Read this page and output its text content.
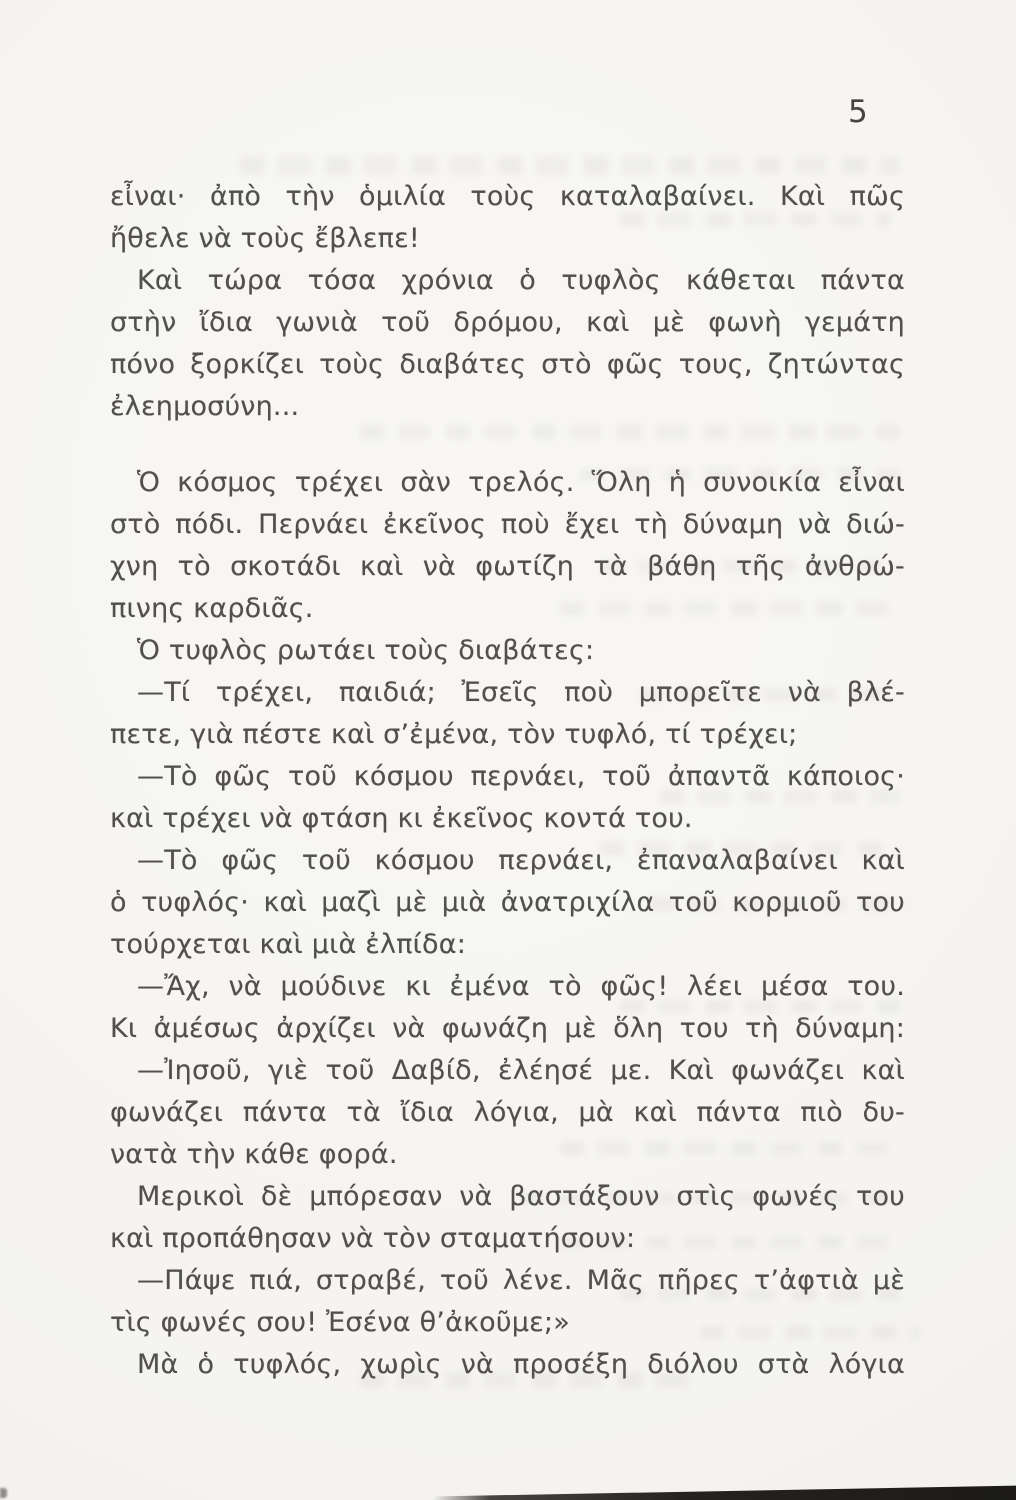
5
εἶναι· ἀπὸ τὴν ὁμιλία τοὺς καταλαβαίνει. Καὶ πῶς
ἤθελε νὰ τοὺς ἔβλεπε!
Καὶ τώρα τόσα χρόνια ὁ τυφλὸς κάθεται πάντα
στὴν ἴδια γωνιὰ τοῦ δρόμου, καὶ μὲ φωνὴ γεμάτη
πόνο ξορκίζει τοὺς διαβάτες στὸ φῶς τους, ζητώντας
ἐλεημοσύνη...
Ὁ κόσμος τρέχει σὰν τρελός. Ὅλη ἡ συνοικία εἶναι
στὸ πόδι. Περνάει ἐκεῖνος ποὺ ἔχει τὴ δύναμη νὰ διώ-
χνη τὸ σκοτάδι καὶ νὰ φωτίζη τὰ βάθη τῆς ἀνθρώ-
πινης καρδιᾶς.
Ὁ τυφλὸς ρωτάει τοὺς διαβάτες:
—Τί τρέχει, παιδιά; Ἐσεῖς ποὺ μπορεῖτε νὰ βλέ-
πετε, γιὰ πέστε καὶ σ’ἐμένα, τὸν τυφλό, τί τρέχει;
—Τὸ φῶς τοῦ κόσμου περνάει, τοῦ ἀπαντᾶ κάποιος·
καὶ τρέχει νὰ φτάση κι ἐκεῖνος κοντά του.
—Τὸ φῶς τοῦ κόσμου περνάει, ἐπαναλαβαίνει καὶ
ὁ τυφλός· καὶ μαζὶ μὲ μιὰ ἀνατριχίλα τοῦ κορμιοῦ του
τούρχεται καὶ μιὰ ἐλπίδα:
—Ἄχ, νὰ μούδινε κι ἐμένα τὸ φῶς! λέει μέσα του.
Κι ἀμέσως ἀρχίζει νὰ φωνάζη μὲ ὅλη του τὴ δύναμη:
—Ἰησοῦ, γιὲ τοῦ Δαβίδ, ἐλέησέ με. Καὶ φωνάζει καὶ
φωνάζει πάντα τὰ ἴδια λόγια, μὰ καὶ πάντα πιὸ δυ-
νατὰ τὴν κάθε φορά.
Μερικοὶ δὲ μπόρεσαν νὰ βαστάξουν στὶς φωνές του
καὶ προπάθησαν νὰ τὸν σταματήσουν:
—Πάψε πιά, στραβέ, τοῦ λένε. Μᾶς πῆρες τ’ἀφτιὰ μὲ
τὶς φωνές σου! Ἐσένα θ’ἀκοῦμε;»
Μὰ ὁ τυφλός, χωρὶς νὰ προσέξη διόλου στὰ λόγια
